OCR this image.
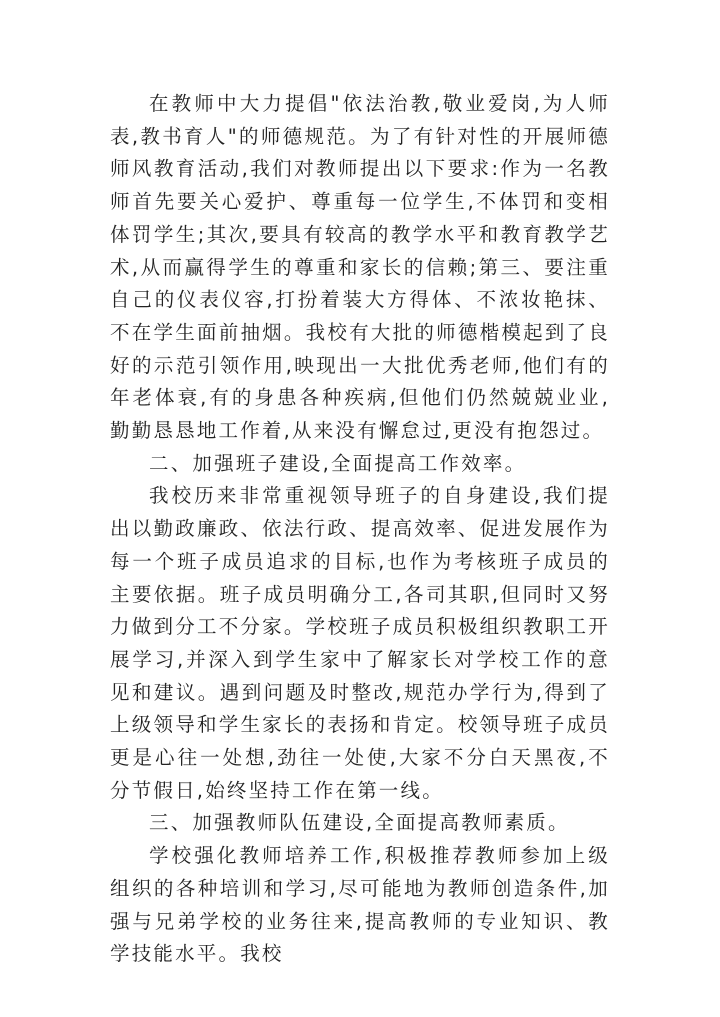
在教师中大力提倡"依法治教,敬业爱岗,为人师表,教书育人"的师德规范。为了有针对性的开展师德师风教育活动,我们对教师提出以下要求:作为一名教师首先要关心爱护、尊重每一位学生,不体罚和变相体罚学生;其次,要具有较高的教学水平和教育教学艺术,从而赢得学生的尊重和家长的信赖;第三、要注重自己的仪表仪容,打扮着装大方得体、不浓妆艳抹、不在学生面前抽烟。我校有大批的师德楷模起到了良好的示范引领作用,映现出一大批优秀老师,他们有的年老体衰,有的身患各种疾病,但他们仍然兢兢业业,勤勤恳恳地工作着,从来没有懈怠过,更没有抱怨过。

二、加强班子建设,全面提高工作效率。

我校历来非常重视领导班子的自身建设,我们提出以勤政廉政、依法行政、提高效率、促进发展作为每一个班子成员追求的目标,也作为考核班子成员的主要依据。班子成员明确分工,各司其职,但同时又努力做到分工不分家。学校班子成员积极组织教职工开展学习,并深入到学生家中了解家长对学校工作的意见和建议。遇到问题及时整改,规范办学行为,得到了上级领导和学生家长的表扬和肯定。校领导班子成员更是心往一处想,劲往一处使,大家不分白天黑夜,不分节假日,始终坚持工作在第一线。

三、加强教师队伍建设,全面提高教师素质。

学校强化教师培养工作,积极推荐教师参加上级组织的各种培训和学习,尽可能地为教师创造条件,加强与兄弟学校的业务往来,提高教师的专业知识、教学技能水平。我校
